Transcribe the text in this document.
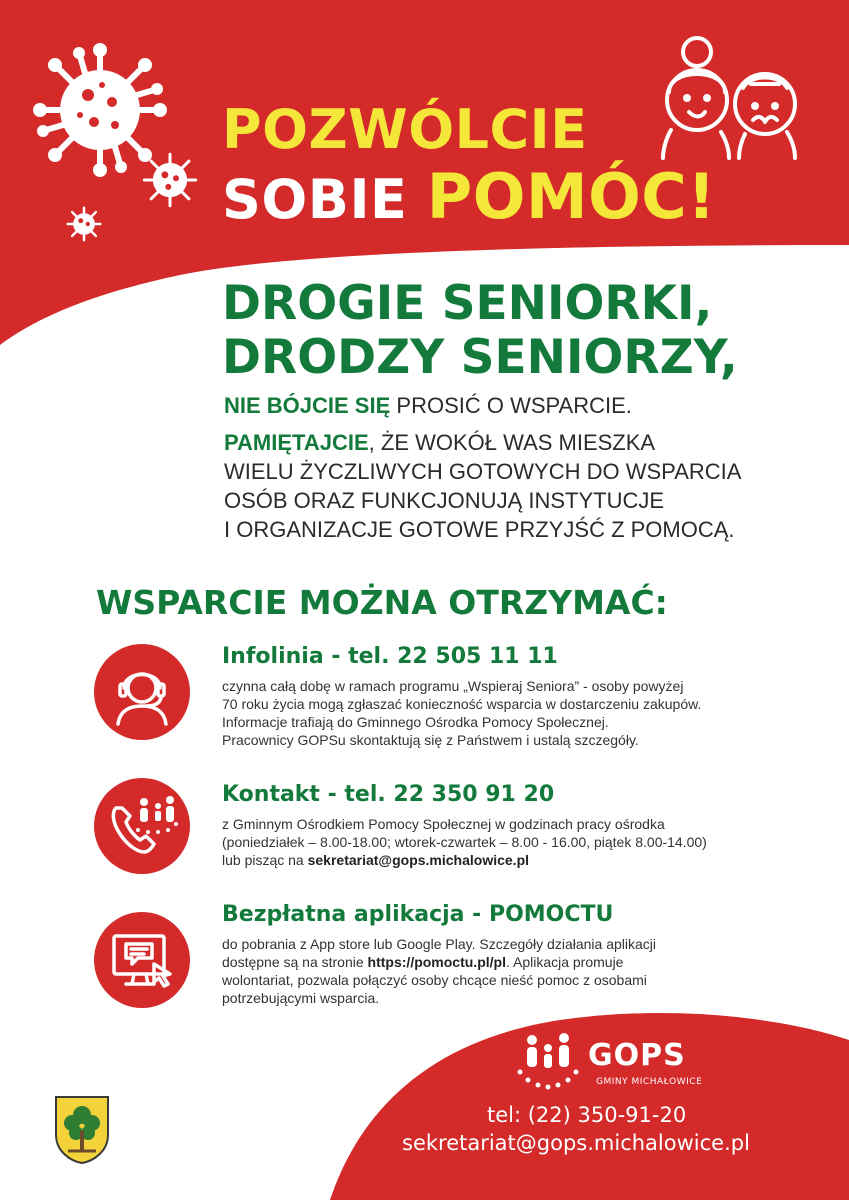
POZWÓLCIE
SOBIE POMÓC!
DROGIE SENIORKI,
DRODZY SENIORZY,
NIE BÓJCIE SIĘ PROSIĆ O WSPARCIE.
PAMIĘTAJCIE, ŻE WOKÓŁ WAS MIESZKA
WIELU ŻYCZLIWYCH GOTOWYCH DO WSPARCIA
OSÓB ORAZ FUNKCJONUJĄ INSTYTUCJE
I ORGANIZACJE GOTOWE PRZYJŚĆ Z POMOCĄ.
WSPARCIE MOŻNA OTRZYMAĆ:
Infolinia - tel. 22 505 11 11
czynna całą dobę w ramach programu „Wspieraj Seniora” - osoby powyżej
70 roku życia mogą zgłaszać konieczność wsparcia w dostarczeniu zakupów.
Informacje trafiają do Gminnego Ośrodka Pomocy Społecznej.
Pracownicy GOPSu skontaktują się z Państwem i ustalą szczegóły.
Kontakt - tel. 22 350 91 20
z Gminnym Ośrodkiem Pomocy Społecznej w godzinach pracy ośrodka
(poniedziałek – 8.00-18.00; wtorek-czwartek – 8.00 - 16.00, piątek 8.00-14.00)
lub pisząc na sekretariat@gops.michalowice.pl
Bezpłatna aplikacja - POMOCTU
do pobrania z App store lub Google Play. Szczegóły działania aplikacji
dostępne są na stronie https://pomoctu.pl/pl. Aplikacja promuje
wolontariat, pozwala połączyć osoby chcące nieść pomoc z osobami
potrzebującymi wsparcia.
GOPS
GMINY MICHAŁOWICE
tel: (22) 350-91-20
sekretariat@gops.michalowice.pl
